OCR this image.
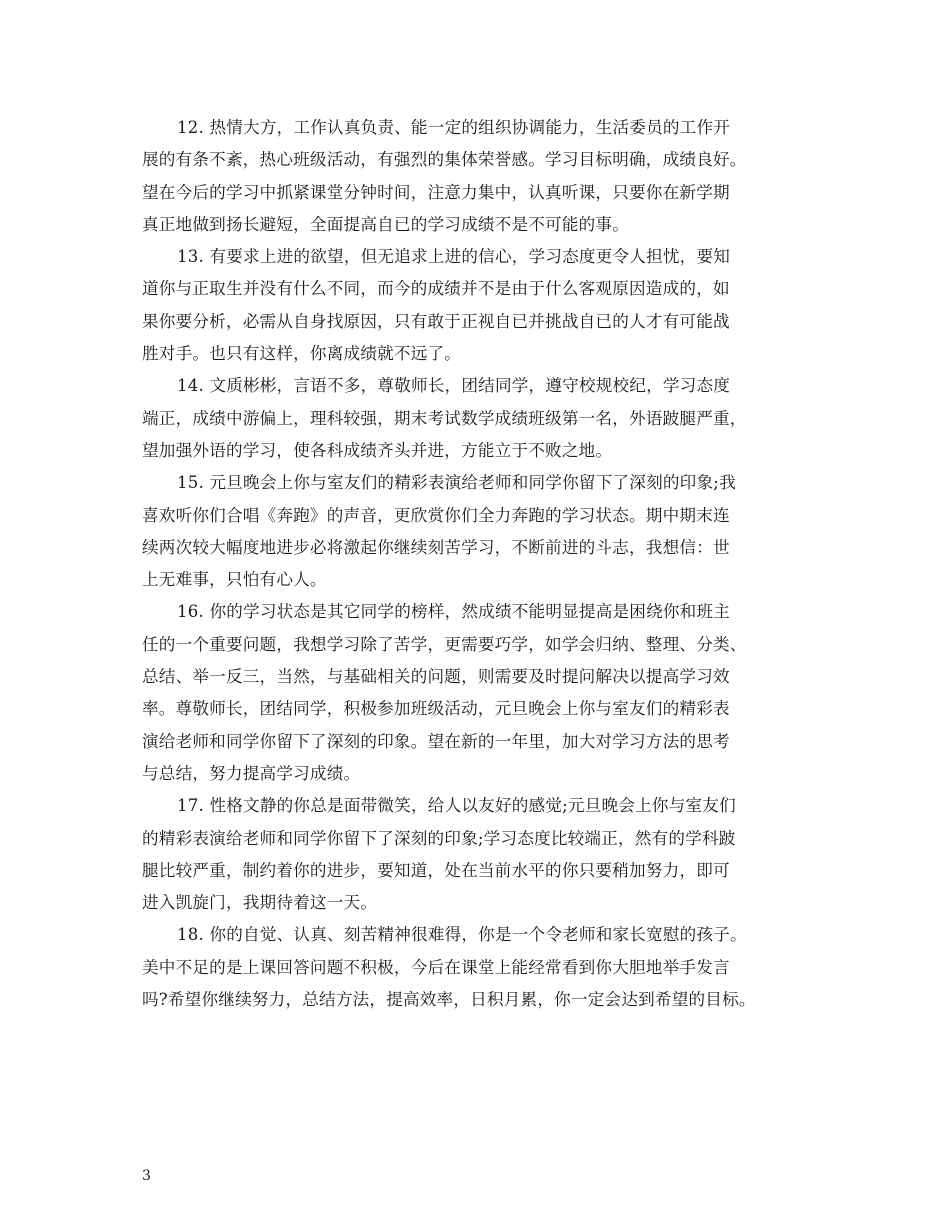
12. 热情大方，工作认真负责、能一定的组织协调能力，生活委员的工作开
展的有条不紊，热心班级活动，有强烈的集体荣誉感。学习目标明确，成绩良好。
望在今后的学习中抓紧课堂分钟时间，注意力集中，认真听课，只要你在新学期
真正地做到扬长避短，全面提高自已的学习成绩不是不可能的事。

13. 有要求上进的欲望，但无追求上进的信心，学习态度更令人担忧，要知
道你与正取生并没有什么不同，而今的成绩并不是由于什么客观原因造成的，如
果你要分析，必需从自身找原因，只有敢于正视自已并挑战自已的人才有可能战
胜对手。也只有这样，你离成绩就不远了。

14. 文质彬彬，言语不多，尊敬师长，团结同学，遵守校规校纪，学习态度
端正，成绩中游偏上，理科较强，期末考试数学成绩班级第一名，外语跛腿严重，
望加强外语的学习，使各科成绩齐头并进，方能立于不败之地。

15. 元旦晚会上你与室友们的精彩表演给老师和同学你留下了深刻的印象;我
喜欢听你们合唱《奔跑》的声音，更欣赏你们全力奔跑的学习状态。期中期末连
续两次较大幅度地进步必将激起你继续刻苦学习，不断前进的斗志，我想信：世
上无难事，只怕有心人。

16. 你的学习状态是其它同学的榜样，然成绩不能明显提高是困绕你和班主
任的一个重要问题，我想学习除了苦学，更需要巧学，如学会归纳、整理、分类、
总结、举一反三，当然，与基础相关的问题，则需要及时提问解决以提高学习效
率。尊敬师长，团结同学，积极参加班级活动，元旦晚会上你与室友们的精彩表
演给老师和同学你留下了深刻的印象。望在新的一年里，加大对学习方法的思考
与总结，努力提高学习成绩。

17. 性格文静的你总是面带微笑，给人以友好的感觉;元旦晚会上你与室友们
的精彩表演给老师和同学你留下了深刻的印象;学习态度比较端正，然有的学科跛
腿比较严重，制约着你的进步，要知道，处在当前水平的你只要稍加努力，即可
进入凯旋门，我期待着这一天。

18. 你的自觉、认真、刻苦精神很难得，你是一个令老师和家长宽慰的孩子。
美中不足的是上课回答问题不积极，今后在课堂上能经常看到你大胆地举手发言
吗?希望你继续努力，总结方法，提高效率，日积月累，你一定会达到希望的目标。

3
